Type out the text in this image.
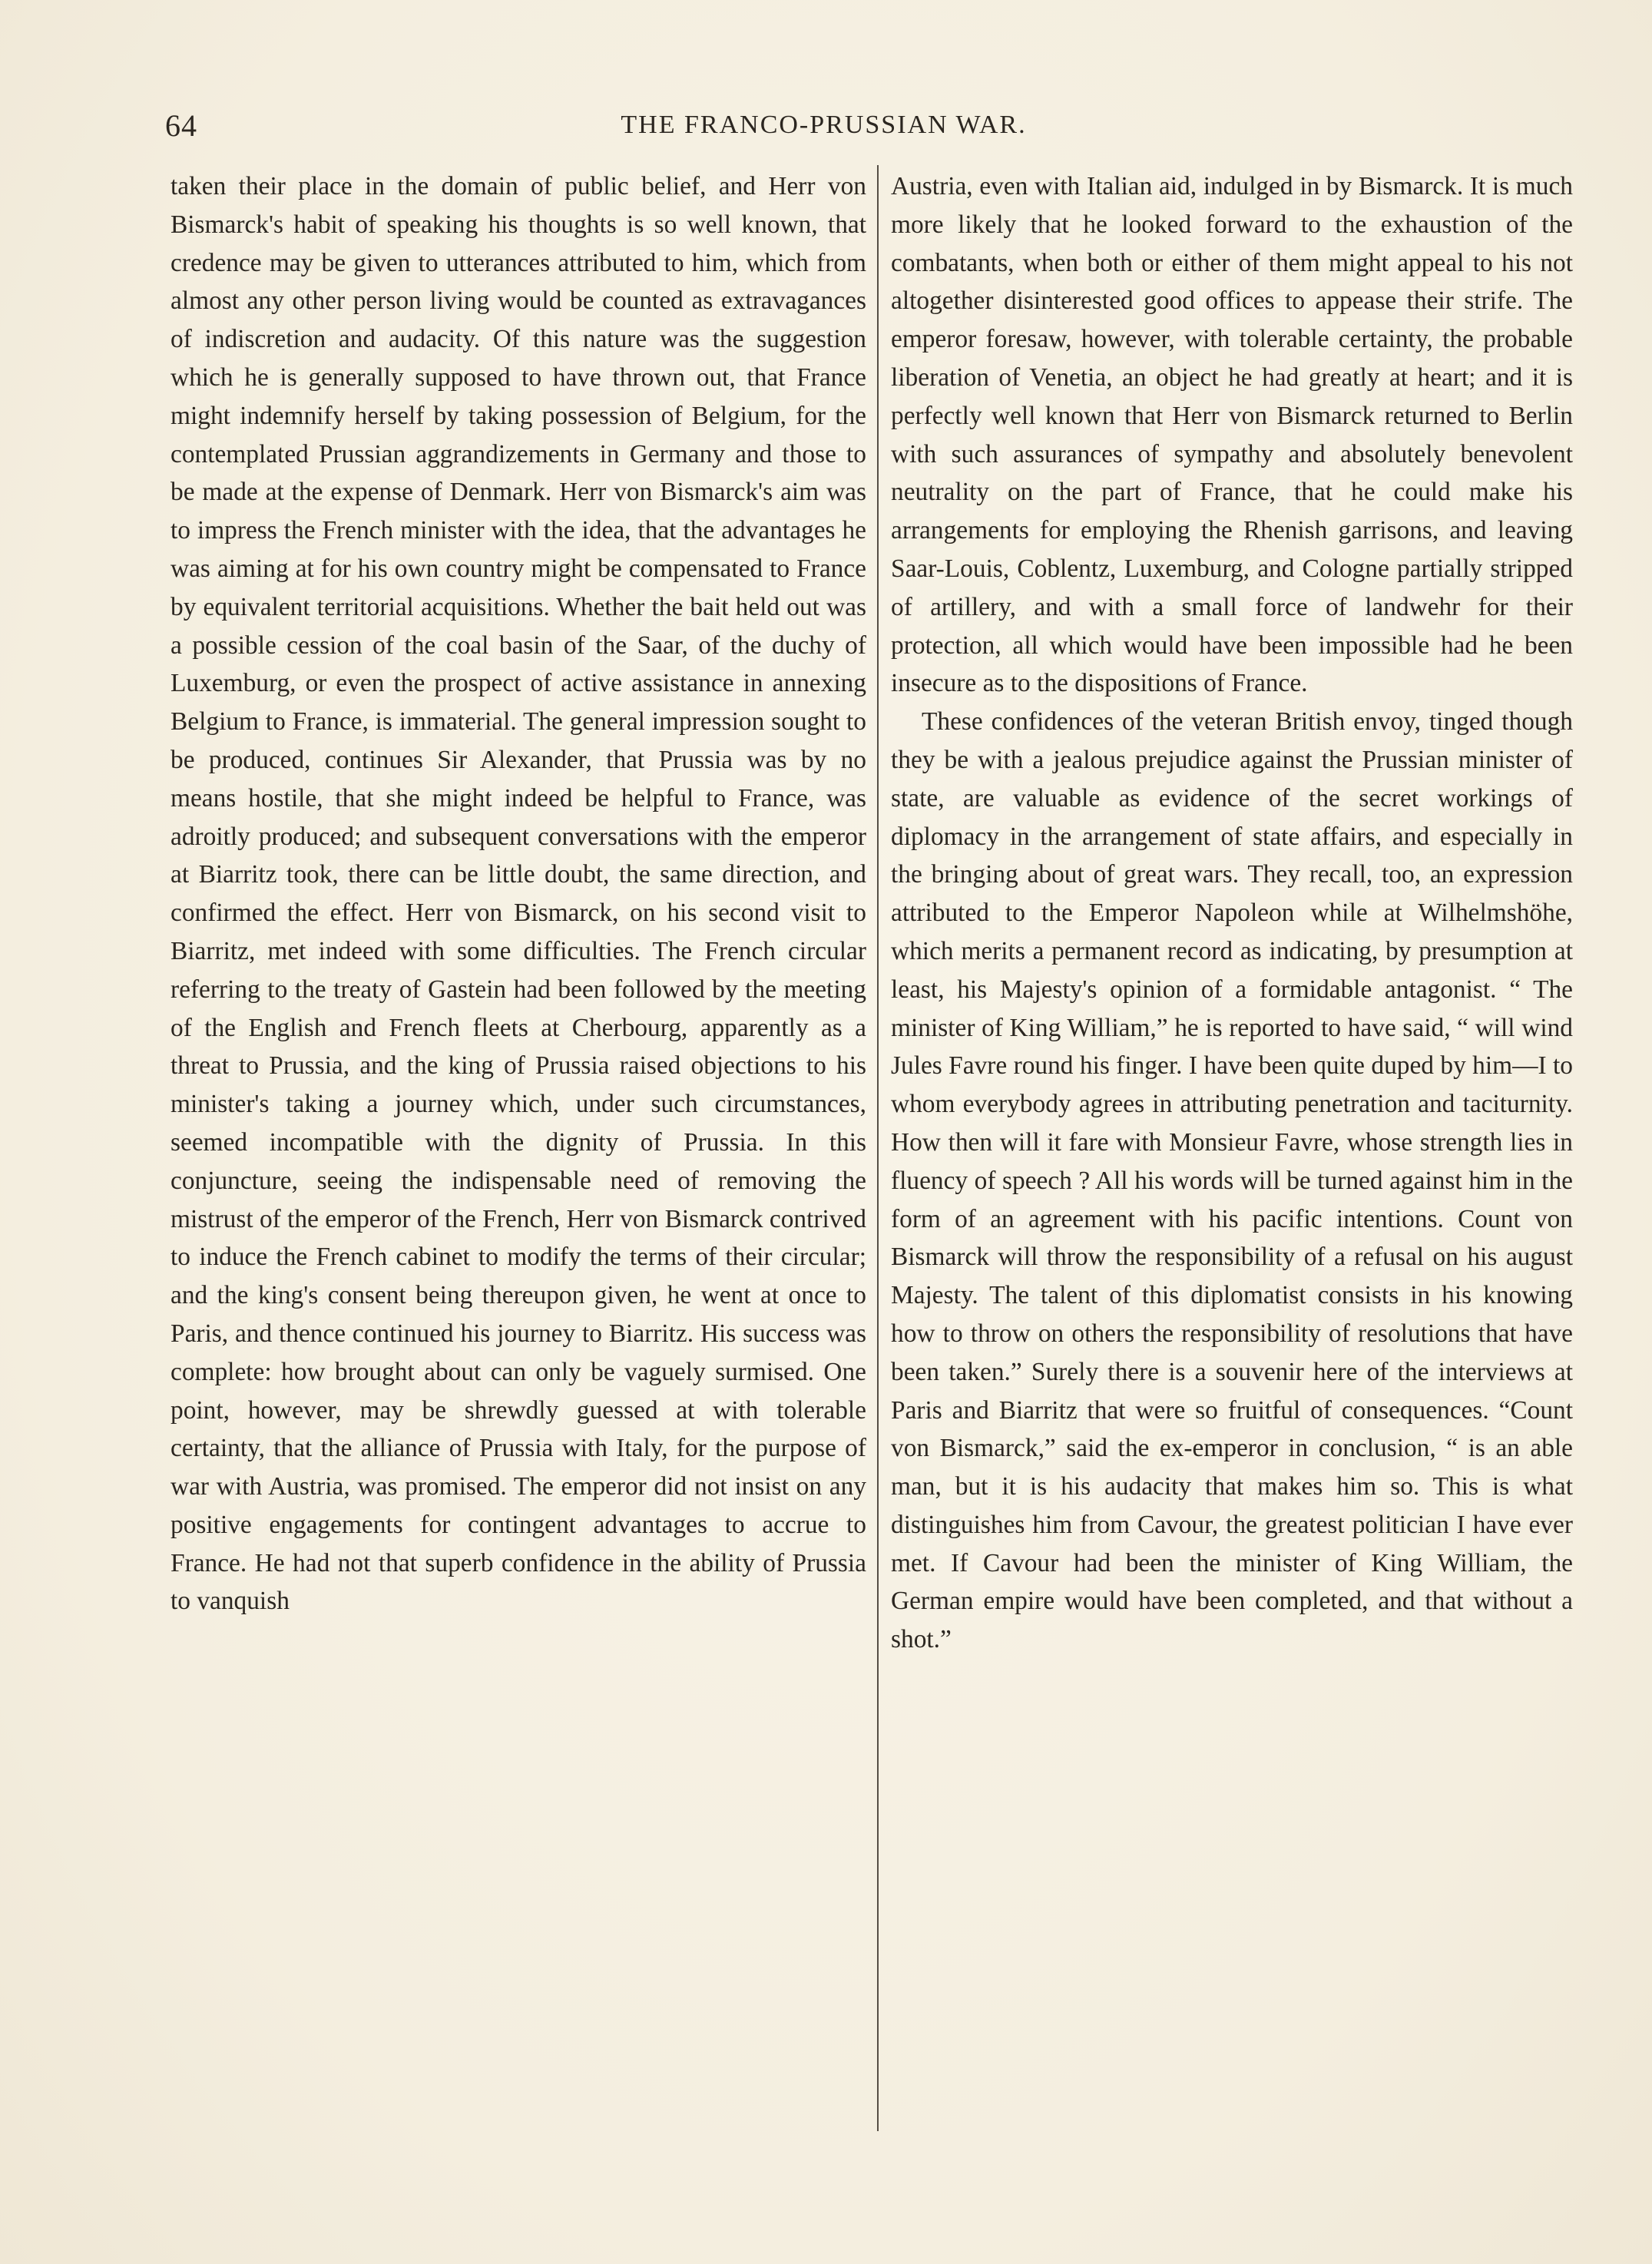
64	THE FRANCO-PRUSSIAN WAR.

taken their place in the domain of public belief, and Herr von Bismarck's habit of speaking his thoughts is so well known, that credence may be given to utterances attributed to him, which from almost any other person living would be counted as extravagances of indiscretion and audacity. Of this nature was the suggestion which he is generally supposed to have thrown out, that France might indemnify herself by taking possession of Belgium, for the contemplated Prussian aggrandizements in Germany and those to be made at the expense of Denmark. Herr von Bismarck's aim was to impress the French minister with the idea, that the advantages he was aiming at for his own country might be compensated to France by equivalent territorial acquisitions. Whether the bait held out was a possible cession of the coal basin of the Saar, of the duchy of Luxemburg, or even the prospect of active assistance in annexing Belgium to France, is immaterial. The general impression sought to be produced, continues Sir Alexander, that Prussia was by no means hostile, that she might indeed be helpful to France, was adroitly produced; and subsequent conversations with the emperor at Biarritz took, there can be little doubt, the same direction, and confirmed the effect. Herr von Bismarck, on his second visit to Biarritz, met indeed with some difficulties. The French circular referring to the treaty of Gastein had been followed by the meeting of the English and French fleets at Cherbourg, apparently as a threat to Prussia, and the king of Prussia raised objections to his minister's taking a journey which, under such circumstances, seemed incompatible with the dignity of Prussia. In this conjuncture, seeing the indispensable need of removing the mistrust of the emperor of the French, Herr von Bismarck contrived to induce the French cabinet to modify the terms of their circular; and the king's consent being thereupon given, he went at once to Paris, and thence continued his journey to Biarritz. His success was complete: how brought about can only be vaguely surmised. One point, however, may be shrewdly guessed at with tolerable certainty, that the alliance of Prussia with Italy, for the purpose of war with Austria, was promised. The emperor did not insist on any positive engagements for contingent advantages to accrue to France. He had not that superb confidence in the ability of Prussia to vanquish

Austria, even with Italian aid, indulged in by Bismarck. It is much more likely that he looked forward to the exhaustion of the combatants, when both or either of them might appeal to his not altogether disinterested good offices to appease their strife. The emperor foresaw, however, with tolerable certainty, the probable liberation of Venetia, an object he had greatly at heart; and it is perfectly well known that Herr von Bismarck returned to Berlin with such assurances of sympathy and absolutely benevolent neutrality on the part of France, that he could make his arrangements for employing the Rhenish garrisons, and leaving Saar-Louis, Coblentz, Luxemburg, and Cologne partially stripped of artillery, and with a small force of landwehr for their protection, all which would have been impossible had he been insecure as to the dispositions of France.

These confidences of the veteran British envoy, tinged though they be with a jealous prejudice against the Prussian minister of state, are valuable as evidence of the secret workings of diplomacy in the arrangement of state affairs, and especially in the bringing about of great wars. They recall, too, an expression attributed to the Emperor Napoleon while at Wilhelmshöhe, which merits a permanent record as indicating, by presumption at least, his Majesty's opinion of a formidable antagonist. “ The minister of King William,” he is reported to have said, “ will wind Jules Favre round his finger. I have been quite duped by him—I to whom everybody agrees in attributing penetration and taciturnity. How then will it fare with Monsieur Favre, whose strength lies in fluency of speech ? All his words will be turned against him in the form of an agreement with his pacific intentions. Count von Bismarck will throw the responsibility of a refusal on his august Majesty. The talent of this diplomatist consists in his knowing how to throw on others the responsibility of resolutions that have been taken.” Surely there is a souvenir here of the interviews at Paris and Biarritz that were so fruitful of consequences. “Count von Bismarck,” said the ex-emperor in conclusion, “ is an able man, but it is his audacity that makes him so. This is what distinguishes him from Cavour, the greatest politician I have ever met. If Cavour had been the minister of King William, the German empire would have been completed, and that without a shot.”
